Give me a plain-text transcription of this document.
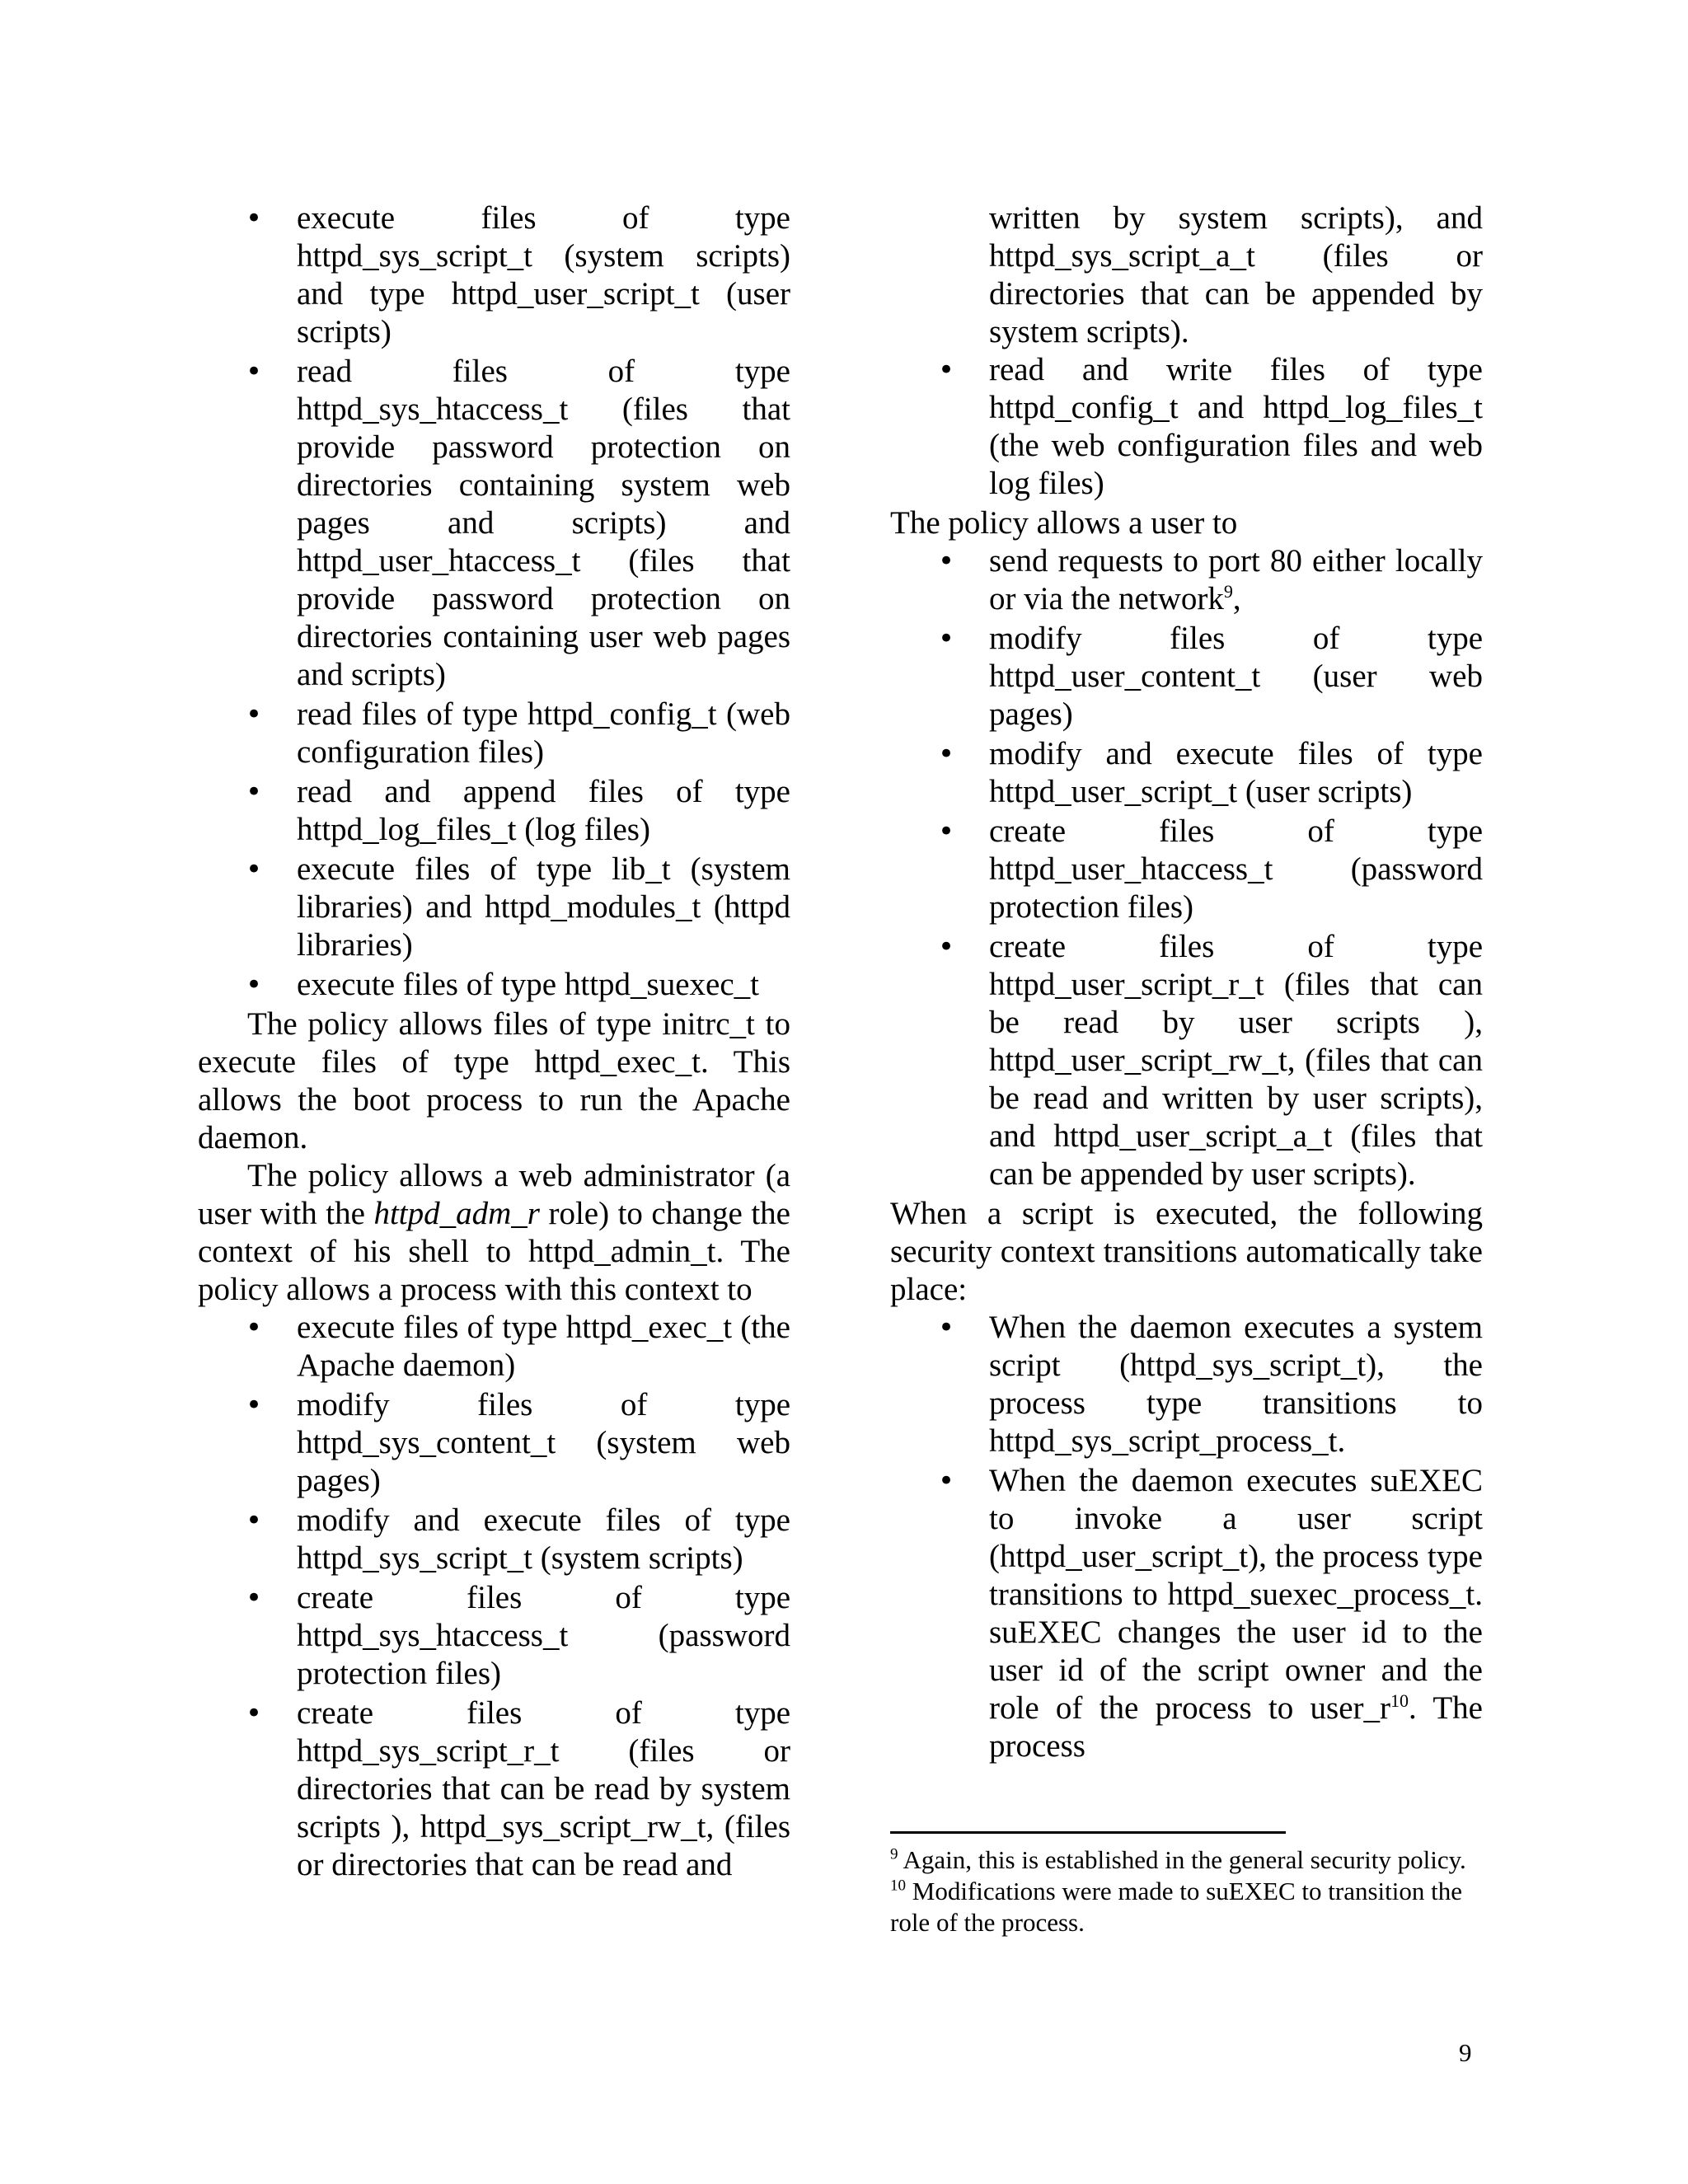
• execute files of type httpd_sys_script_t (system scripts) and type httpd_user_script_t (user scripts)
• read files of type httpd_sys_htaccess_t (files that provide password protection on directories containing system web pages and scripts) and httpd_user_htaccess_t (files that provide password protection on directories containing user web pages and scripts)
• read files of type httpd_config_t (web configuration files)
• read and append files of type httpd_log_files_t (log files)
• execute files of type lib_t (system libraries) and httpd_modules_t (httpd libraries)
• execute files of type httpd_suexec_t

The policy allows files of type initrc_t to execute files of type httpd_exec_t. This allows the boot process to run the Apache daemon.

The policy allows a web administrator (a user with the httpd_adm_r role) to change the context of his shell to httpd_admin_t. The policy allows a process with this context to

• execute files of type httpd_exec_t (the Apache daemon)
• modify files of type httpd_sys_content_t (system web pages)
• modify and execute files of type httpd_sys_script_t (system scripts)
• create files of type httpd_sys_htaccess_t (password protection files)
• create files of type httpd_sys_script_r_t (files or directories that can be read by system scripts ), httpd_sys_script_rw_t, (files or directories that can be read and

written by system scripts), and httpd_sys_script_a_t (files or directories that can be appended by system scripts).

• read and write files of type httpd_config_t and httpd_log_files_t (the web configuration files and web log files)

The policy allows a user to

• send requests to port 80 either locally or via the network$^9$,
• modify files of type httpd_user_content_t (user web pages)
• modify and execute files of type httpd_user_script_t (user scripts)
• create files of type httpd_user_htaccess_t (password protection files)
• create files of type httpd_user_script_r_t (files that can be read by user scripts ), httpd_user_script_rw_t, (files that can be read and written by user scripts), and httpd_user_script_a_t (files that can be appended by user scripts).

When a script is executed, the following security context transitions automatically take place:

• When the daemon executes a system script (httpd_sys_script_t), the process type transitions to httpd_sys_script_process_t.
• When the daemon executes suEXEC to invoke a user script (httpd_user_script_t), the process type transitions to httpd_suexec_process_t. suEXEC changes the user id to the user id of the script owner and the role of the process to $user\_r^{10}$. The process

$^9$ Again, this is established in the general security policy.

$^{10}$ Modifications were made to suEXEC to transition the role of the process.

9
